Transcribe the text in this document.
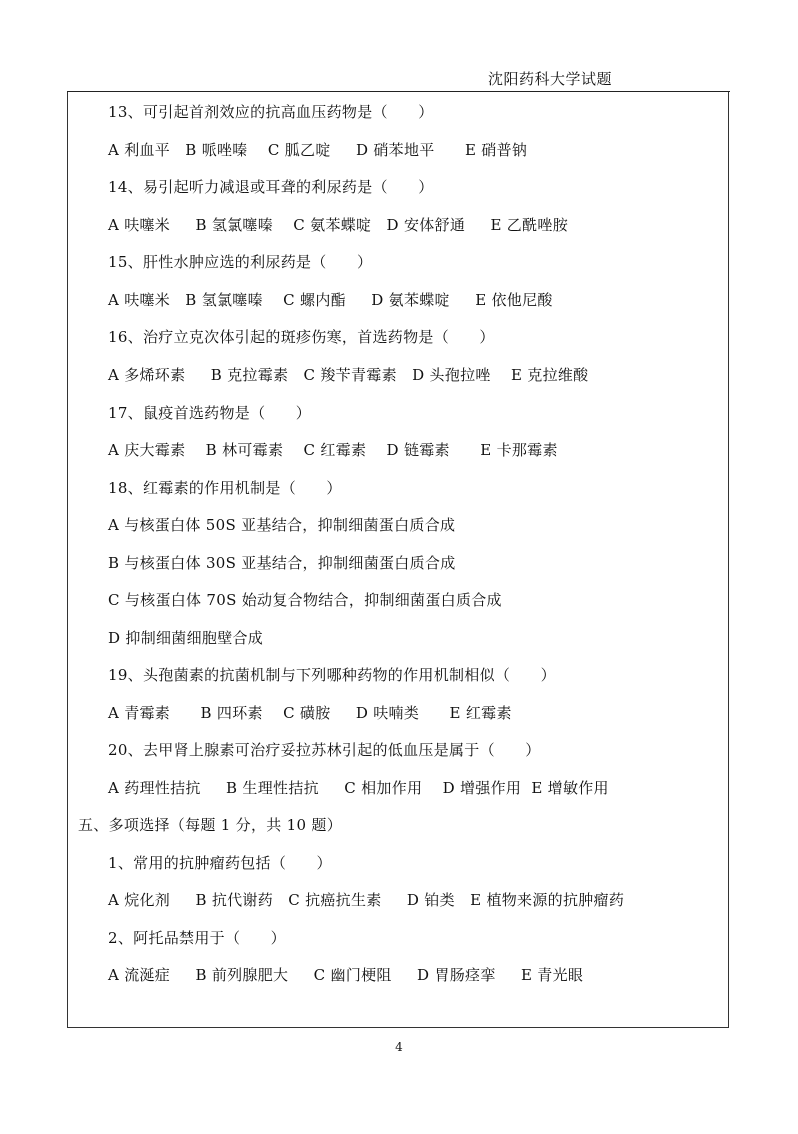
沈阳药科大学试题
13、可引起首剂效应的抗高血压药物是（      ）
A 利血平   B 哌唑嗪    C 胍乙啶     D 硝苯地平      E 硝普钠
14、易引起听力减退或耳聋的利尿药是（      ）
A 呋噻米     B 氢氯噻嗪    C 氨苯蝶啶   D 安体舒通     E 乙酰唑胺
15、肝性水肿应选的利尿药是（      ）
A 呋噻米   B 氢氯噻嗪    C 螺内酯     D 氨苯蝶啶     E 依他尼酸
16、治疗立克次体引起的斑疹伤寒，首选药物是（      ）
A 多烯环素     B 克拉霉素   C 羧苄青霉素   D 头孢拉唑    E 克拉维酸
17、鼠疫首选药物是（      ）
A 庆大霉素    B 林可霉素    C 红霉素    D 链霉素      E 卡那霉素
18、红霉素的作用机制是（      ）
A 与核蛋白体 50S 亚基结合，抑制细菌蛋白质合成
B 与核蛋白体 30S 亚基结合，抑制细菌蛋白质合成
C 与核蛋白体 70S 始动复合物结合，抑制细菌蛋白质合成
D 抑制细菌细胞壁合成
19、头孢菌素的抗菌机制与下列哪种药物的作用机制相似（      ）
A 青霉素      B 四环素    C 磺胺     D 呋喃类      E 红霉素
20、去甲肾上腺素可治疗妥拉苏林引起的低血压是属于（      ）
A 药理性拮抗     B 生理性拮抗     C 相加作用    D 增强作用  E 增敏作用
五、多项选择（每题 1 分，共 10 题）
1、常用的抗肿瘤药包括（      ）
A 烷化剂     B 抗代谢药   C 抗癌抗生素     D 铂类   E 植物来源的抗肿瘤药
2、阿托品禁用于（      ）
A 流涎症     B 前列腺肥大     C 幽门梗阻     D 胃肠痉挛     E 青光眼
4
